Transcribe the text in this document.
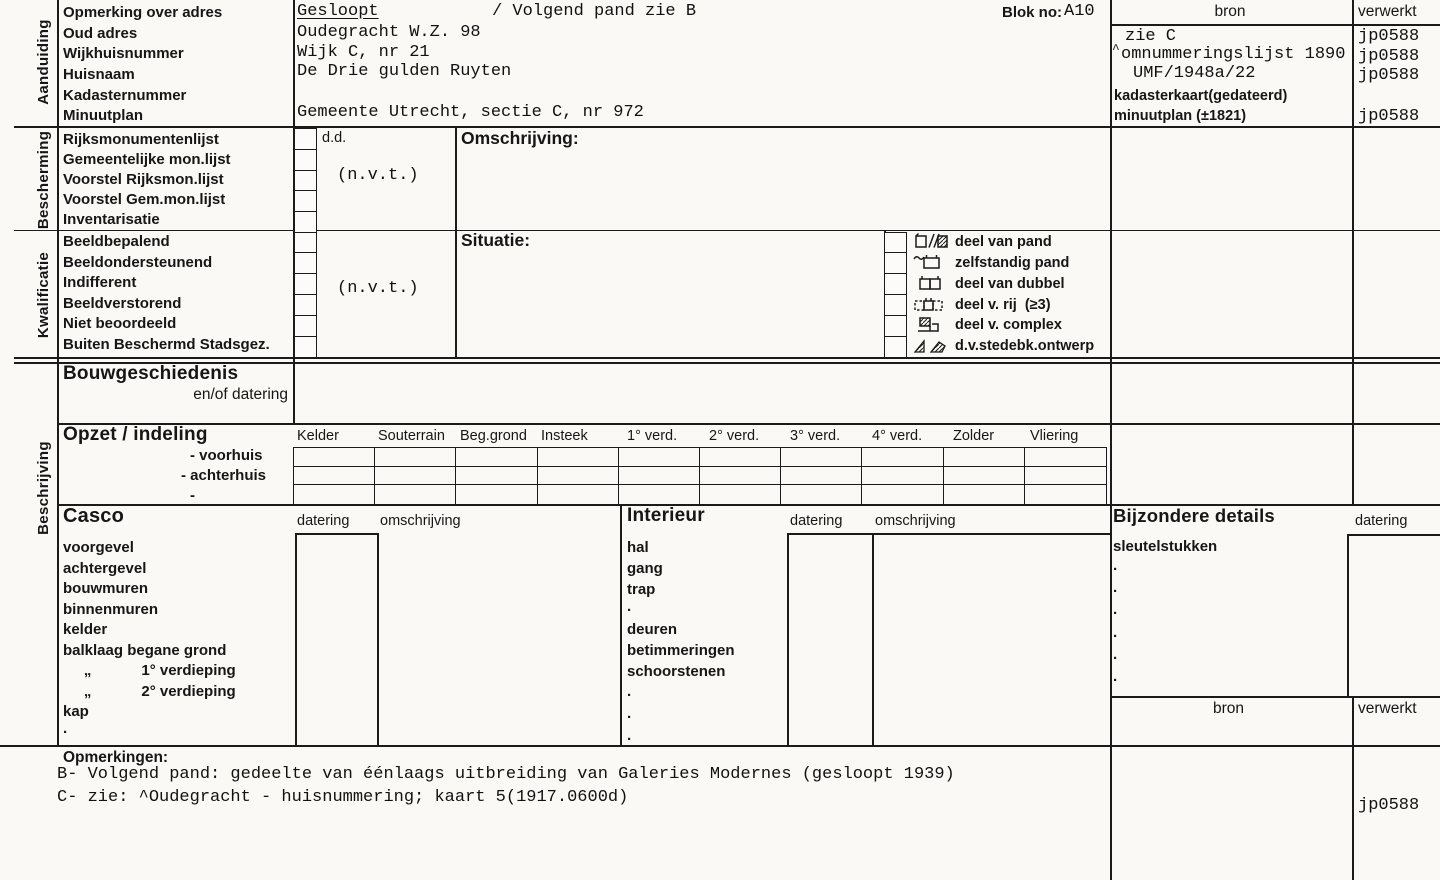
Aanduiding
Bescherming
Kwalificatie
Beschrijving
Opmerking over adres
Oud adres
Wijkhuisnummer
Huisnaam
Kadasternummer
Minuutplan
Gesloopt	/ Volgend pand zie B
Oudegracht W.Z. 98
Wijk C, nr 21
De Drie gulden Ruyten
Gemeente Utrecht, sectie C, nr 972
Blok no: A10	bron	verwerkt
zie C	jp0588
^ omnummeringslijst 1890 jp0588
UMF/1948a/22	jp0588
kadasterkaart(gedateerd)
minuutplan (±1821)	jp0588
Rijksmonumentenlijst
Gemeentelijke mon.lijst
Voorstel Rijksmon.lijst
Voorstel Gem.mon.lijst
Inventarisatie
d.d.
(n.v.t.)
Omschrijving:
Beeldbepalend
Beeldondersteunend
Indifferent
Beeldverstorend
Niet beoordeeld
Buiten Beschermd Stadsgez.
(n.v.t.)
Situatie:	deel van pand
zelfstandig pand
deel van dubbel
deel v. rij  (≥3)
deel v. complex
d.v.stedebk.ontwerp
Bouwgeschiedenis
en/of datering
Opzet / indeling
- voorhuis
- achterhuis
-
Kelder	Souterrain Beg.grond Insteek	1° verd. 2° verd. 3° verd. 4° verd. Zolder Vliering
Casco	datering omschrijving
voorgevel
achtergevel
bouwmuren
binnenmuren
kelder
balklaag begane grond
„            1° verdieping
„            2° verdieping
kap
.
Interieur	datering omschrijving
hal
gang
trap
.
deuren
betimmeringen
schoorstenen
.
.
.
Bijzondere details	datering
sleutelstukken
.
.
.
.
.
.
bron	verwerkt
Opmerkingen:
B- Volgend pand: gedeelte van éénlaags uitbreiding van Galeries Modernes (gesloopt 1939)
C- zie: ^Oudegracht - huisnummering; kaart 5(1917.0600d)	jp0588
